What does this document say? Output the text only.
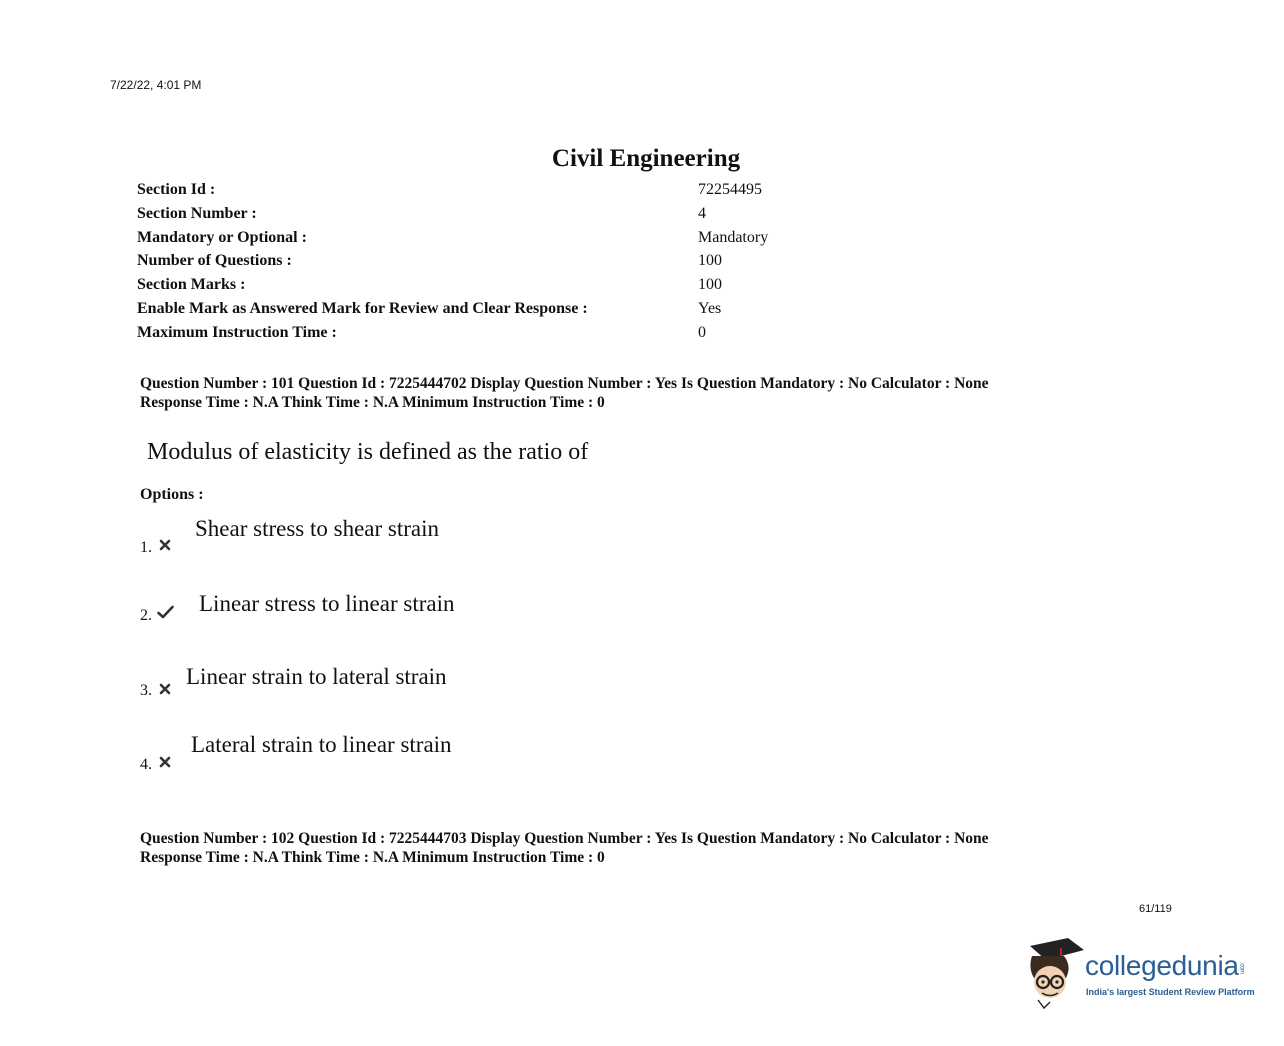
7/22/22, 4:01 PM
Civil Engineering
Section Id :	72254495
Section Number :	4
Mandatory or Optional :	Mandatory
Number of Questions :	100
Section Marks :	100
Enable Mark as Answered Mark for Review and Clear Response :	Yes
Maximum Instruction Time :	0
Question Number : 101 Question Id : 7225444702 Display Question Number : Yes Is Question Mandatory : No Calculator : None
Response Time : N.A Think Time : N.A Minimum Instruction Time : 0
Modulus of elasticity is defined as the ratio of
Options :
1.
Shear stress to shear strain
2. Linear stress to linear strain
3.
Linear strain to lateral strain
4.
Lateral strain to linear strain
Question Number : 102 Question Id : 7225444703 Display Question Number : Yes Is Question Mandatory : No Calculator : None
Response Time : N.A Think Time : N.A Minimum Instruction Time : 0
61/119
collegedunia.com
India's largest Student Review Platform
